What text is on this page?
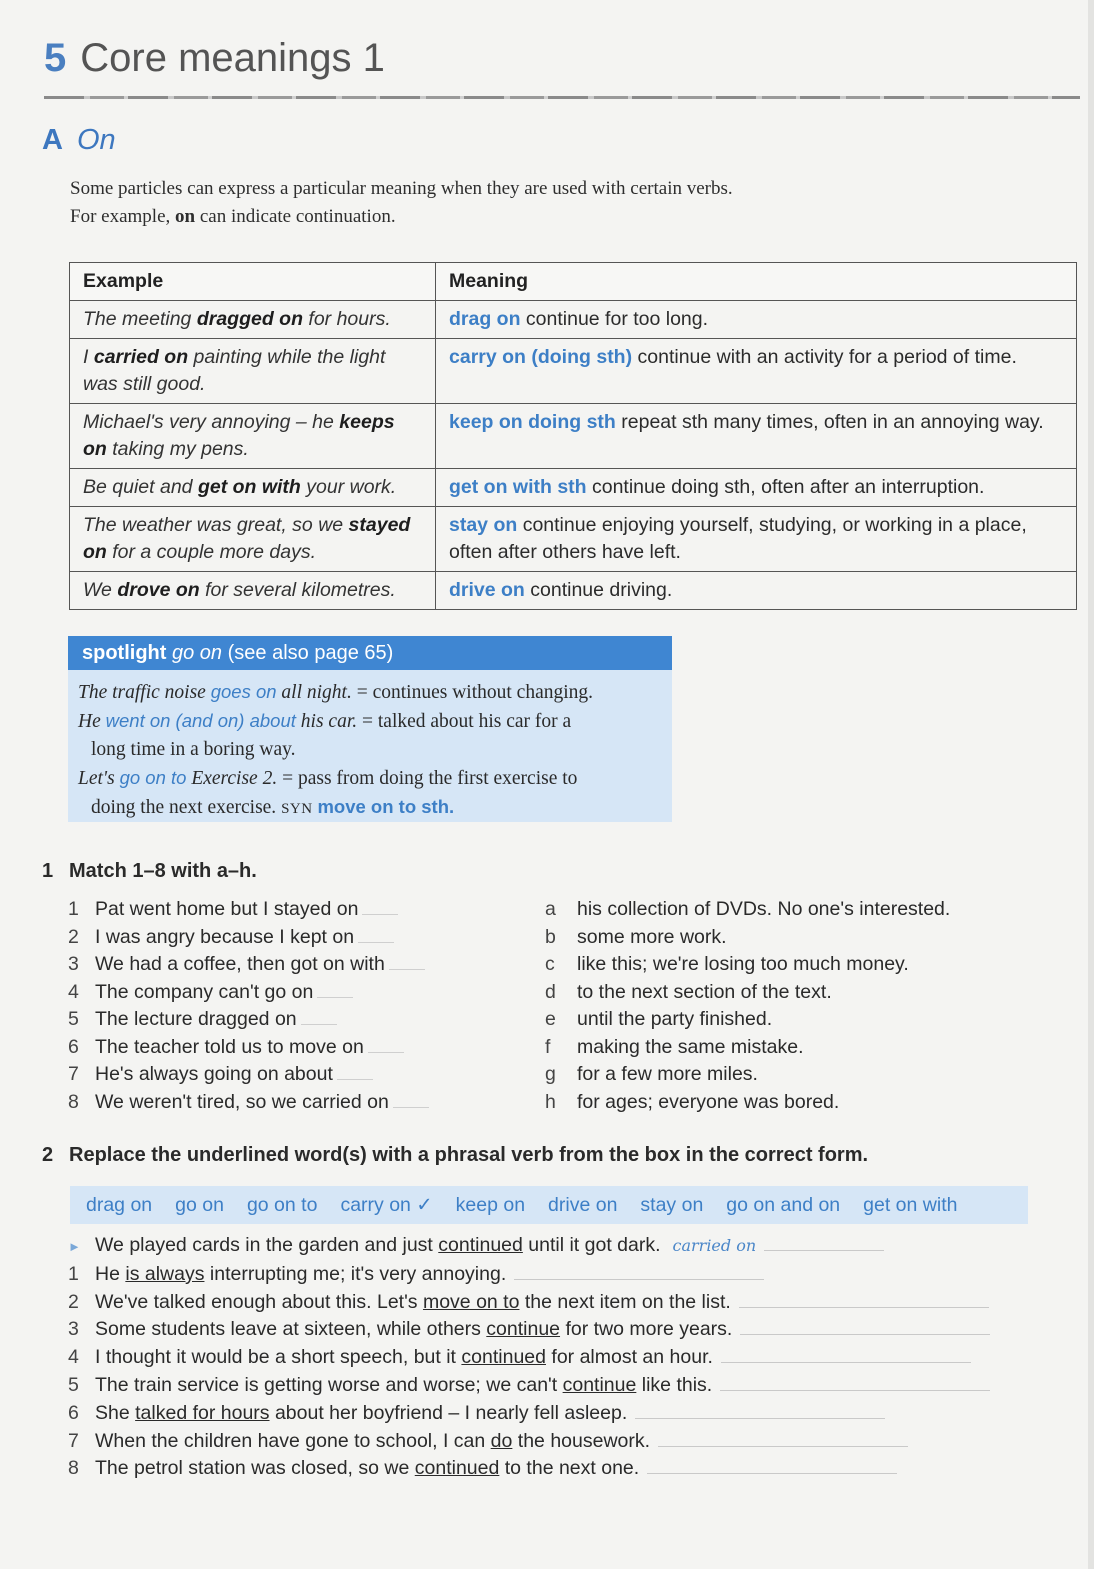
5 Core meanings 1
A On
Some particles can express a particular meaning when they are used with certain verbs.
For example, on can indicate continuation.
Example	Meaning
The meeting dragged on for hours.	drag on continue for too long.
I carried on painting while the light was still good.	carry on (doing sth) continue with an activity for a period of time.
Michael's very annoying – he keeps on taking my pens.	keep on doing sth repeat sth many times, often in an annoying way.
Be quiet and get on with your work.	get on with sth continue doing sth, often after an interruption.
The weather was great, so we stayed on for a couple more days.	stay on continue enjoying yourself, studying, or working in a place, often after others have left.
We drove on for several kilometres.	drive on continue driving.
spotlight go on (see also page 65)

The traffic noise goes on all night. = continues without changing.

He went on (and on) about his car. = talked about his car for a

long time in a boring way.

Let's go on to Exercise 2. = pass from doing the first exercise to

doing the next exercise. SYN move on to sth.

1 Match 1–8 with a–h.
1 Pat went home but I stayed on
2 I was angry because I kept on
3 We had a coffee, then got on with
4 The company can't go on
5 The lecture dragged on
6 The teacher told us to move on
7 He's always going on about
8 We weren't tired, so we carried on
a his collection of DVDs. No one's interested.
b some more work.
c like this; we're losing too much money.
d to the next section of the text.
e until the party finished.
f making the same mistake.
g for a few more miles.
h for ages; everyone was bored.
2 Replace the underlined word(s) with a phrasal verb from the box in the correct form.
drag on go on go on to carry on ✓ keep on drive on stay on go on and on get on with
► We played cards in the garden and just continued until it got dark. carried on
1 He is always interrupting me; it's very annoying.
2 We've talked enough about this. Let's move on to the next item on the list.
3 Some students leave at sixteen, while others continue for two more years.
4 I thought it would be a short speech, but it continued for almost an hour.
5 The train service is getting worse and worse; we can't continue like this.
6 She talked for hours about her boyfriend – I nearly fell asleep.
7 When the children have gone to school, I can do the housework.
8 The petrol station was closed, so we continued to the next one.
